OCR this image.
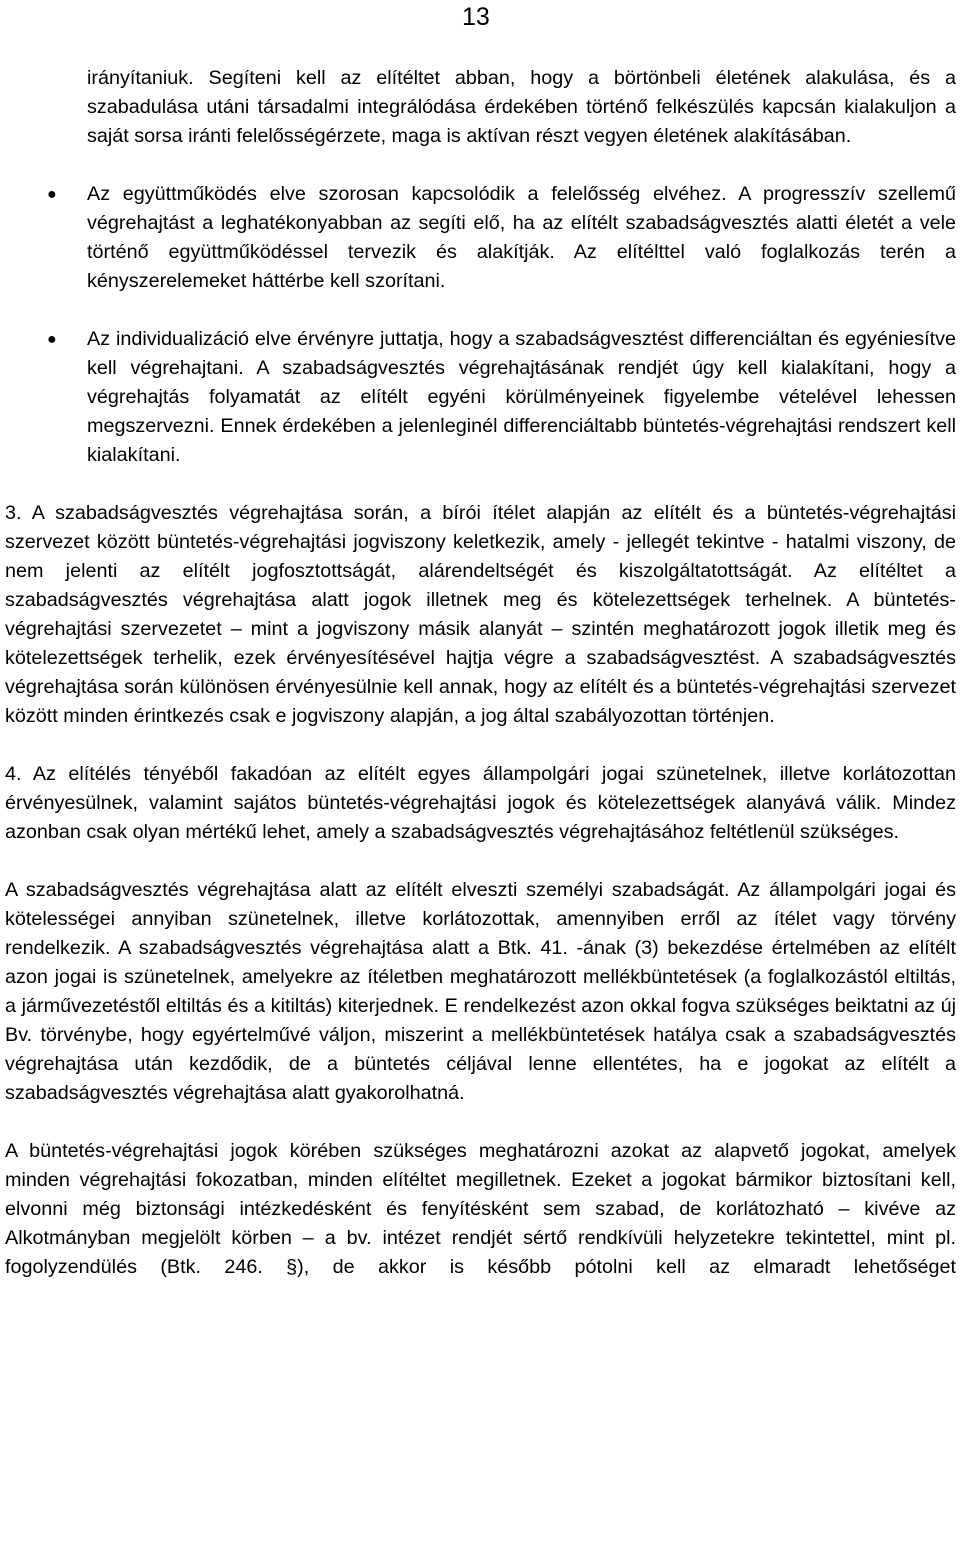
13

irányítaniuk. Segíteni kell az elítéltet abban, hogy a börtönbeli életének alakulása, és a szabadulása utáni társadalmi integrálódása érdekében történő felkészülés kapcsán kialakuljon a saját sorsa iránti felelősségérzete, maga is aktívan részt vegyen életének alakításában.

● Az együttműködés elve szorosan kapcsolódik a felelősség elvéhez. A progresszív szellemű végrehajtást a leghatékonyabban az segíti elő, ha az elítélt szabadságvesztés alatti életét a vele történő együttműködéssel tervezik és alakítják. Az elítélttel való foglalkozás terén a kényszerelemeket háttérbe kell szorítani.
● Az individualizáció elve érvényre juttatja, hogy a szabadságvesztést differenciáltan és egyéniesítve kell végrehajtani. A szabadságvesztés végrehajtásának rendjét úgy kell kialakítani, hogy a végrehajtás folyamatát az elítélt egyéni körülményeinek figyelembe vételével lehessen megszervezni. Ennek érdekében a jelenleginél differenciáltabb büntetés-végrehajtási rendszert kell kialakítani.

3. A szabadságvesztés végrehajtása során, a bírói ítélet alapján az elítélt és a büntetés-végrehajtási szervezet között büntetés-végrehajtási jogviszony keletkezik, amely - jellegét tekintve - hatalmi viszony, de nem jelenti az elítélt jogfosztottságát, alárendeltségét és kiszolgáltatottságát. Az elítéltet a szabadságvesztés végrehajtása alatt jogok illetnek meg és kötelezettségek terhelnek. A büntetés-végrehajtási szervezetet – mint a jogviszony másik alanyát – szintén meghatározott jogok illetik meg és kötelezettségek terhelik, ezek érvényesítésével hajtja végre a szabadságvesztést. A szabadságvesztés végrehajtása során különösen érvényesülnie kell annak, hogy az elítélt és a büntetés-végrehajtási szervezet között minden érintkezés csak e jogviszony alapján, a jog által szabályozottan történjen.

4. Az elítélés tényéből fakadóan az elítélt egyes állampolgári jogai szünetelnek, illetve korlátozottan érvényesülnek, valamint sajátos büntetés-végrehajtási jogok és kötelezettségek alanyává válik. Mindez azonban csak olyan mértékű lehet, amely a szabadságvesztés végrehajtásához feltétlenül szükséges.

A szabadságvesztés végrehajtása alatt az elítélt elveszti személyi szabadságát. Az állampolgári jogai és kötelességei annyiban szünetelnek, illetve korlátozottak, amennyiben erről az ítélet vagy törvény rendelkezik. A szabadságvesztés végrehajtása alatt a Btk. 41. -ának (3) bekezdése értelmében az elítélt azon jogai is szünetelnek, amelyekre az ítéletben meghatározott mellékbüntetések (a foglalkozástól eltiltás, a járművezetéstől eltiltás és a kitiltás) kiterjednek. E rendelkezést azon okkal fogva szükséges beiktatni az új Bv. törvénybe, hogy egyértelművé váljon, miszerint a mellékbüntetések hatálya csak a szabadságvesztés végrehajtása után kezdődik, de a büntetés céljával lenne ellentétes, ha e jogokat az elítélt a szabadságvesztés végrehajtása alatt gyakorolhatná.

A büntetés-végrehajtási jogok körében szükséges meghatározni azokat az alapvető jogokat, amelyek minden végrehajtási fokozatban, minden elítéltet megilletnek. Ezeket a jogokat bármikor biztosítani kell, elvonni még biztonsági intézkedésként és fenyítésként sem szabad, de korlátozható – kivéve az Alkotmányban megjelölt körben – a bv. intézet rendjét sértő rendkívüli helyzetekre tekintettel, mint pl. fogolyzendülés (Btk. 246. §), de akkor is később pótolni kell az elmaradt lehetőséget
